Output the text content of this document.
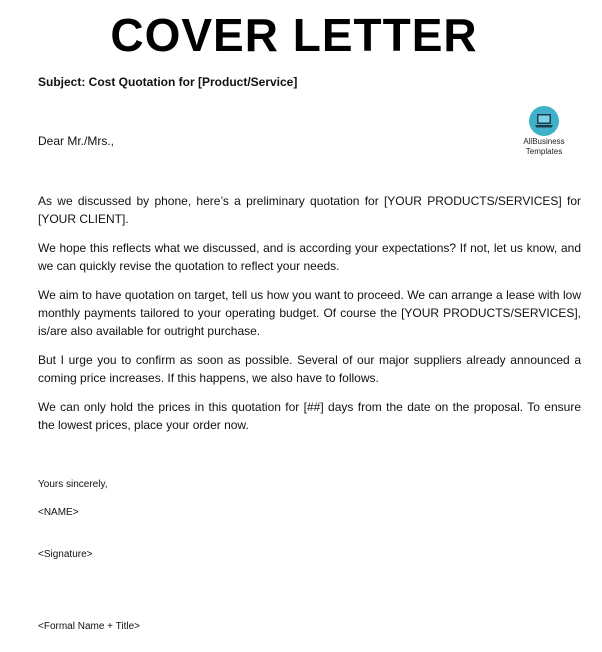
COVER LETTER
Subject: Cost Quotation for [Product/Service]
Dear Mr./Mrs.,	AllBusiness
Templates

As we discussed by phone, here’s a preliminary quotation for [YOUR PRODUCTS/SERVICES] for [YOUR CLIENT].

We hope this reflects what we discussed, and is according your expectations? If not, let us know, and we can quickly revise the quotation to reflect your needs.

We aim to have quotation on target, tell us how you want to proceed. We can arrange a lease with low monthly payments tailored to your operating budget. Of course the [YOUR PRODUCTS/SERVICES], is/are also available for outright purchase.

But I urge you to confirm as soon as possible. Several of our major suppliers already announced a coming price increases. If this happens, we also have to follows.

We can only hold the prices in this quotation for [##] days from the date on the proposal. To ensure the lowest prices, place your order now.

Yours sincerely,
<NAME>
<Signature>
<Formal Name + Title>
